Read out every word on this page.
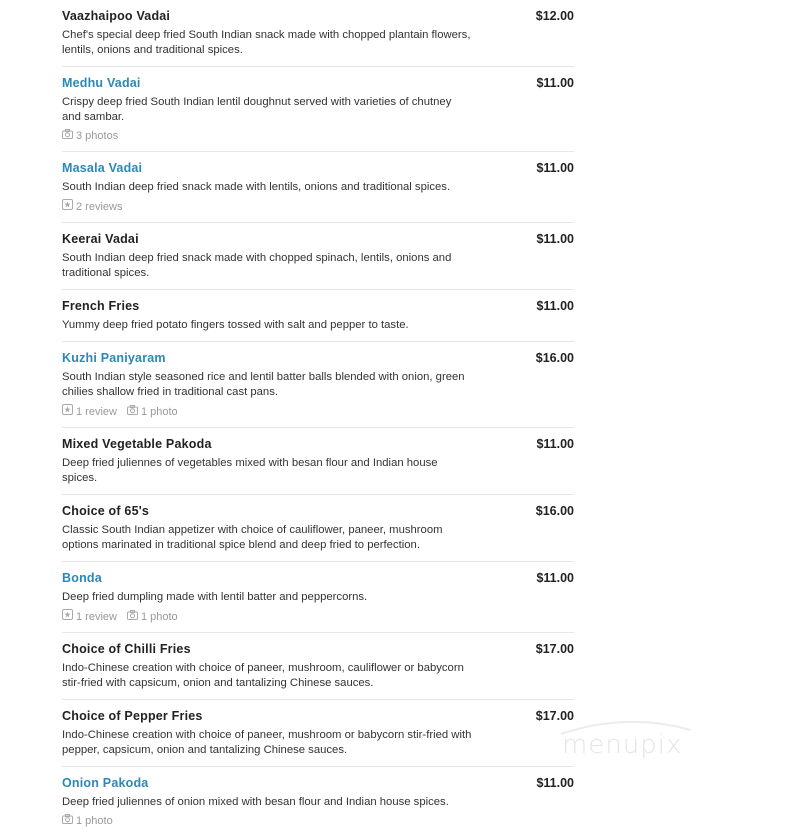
Vaazhaipoo Vadai	$12.00
Chef's special deep fried South Indian snack made with chopped plantain flowers, lentils, onions and traditional spices.
Medhu Vadai	$11.00
Crispy deep fried South Indian lentil doughnut served with varieties of chutney and sambar.
3 photos
Masala Vadai	$11.00
South Indian deep fried snack made with lentils, onions and traditional spices.
2 reviews
Keerai Vadai	$11.00
South Indian deep fried snack made with chopped spinach, lentils, onions and traditional spices.
French Fries	$11.00
Yummy deep fried potato fingers tossed with salt and pepper to taste.
Kuzhi Paniyaram	$16.00
South Indian style seasoned rice and lentil batter balls blended with onion, green chilies shallow fried in traditional cast pans.
1 review 1 photo
Mixed Vegetable Pakoda	$11.00
Deep fried juliennes of vegetables mixed with besan flour and Indian house spices.
Choice of 65's	$16.00
Classic South Indian appetizer with choice of cauliflower, paneer, mushroom options marinated in traditional spice blend and deep fried to perfection.
Bonda	$11.00
Deep fried dumpling made with lentil batter and peppercorns.
1 review 1 photo
Choice of Chilli Fries	$17.00
Indo-Chinese creation with choice of paneer, mushroom, cauliflower or babycorn stir-fried with capsicum, onion and tantalizing Chinese sauces.
Choice of Pepper Fries	$17.00
Indo-Chinese creation with choice of paneer, mushroom or babycorn stir-fried with pepper, capsicum, onion and tantalizing Chinese sauces.
Onion Pakoda	$11.00
Deep fried juliennes of onion mixed with besan flour and Indian house spices.
1 photo
menupix
